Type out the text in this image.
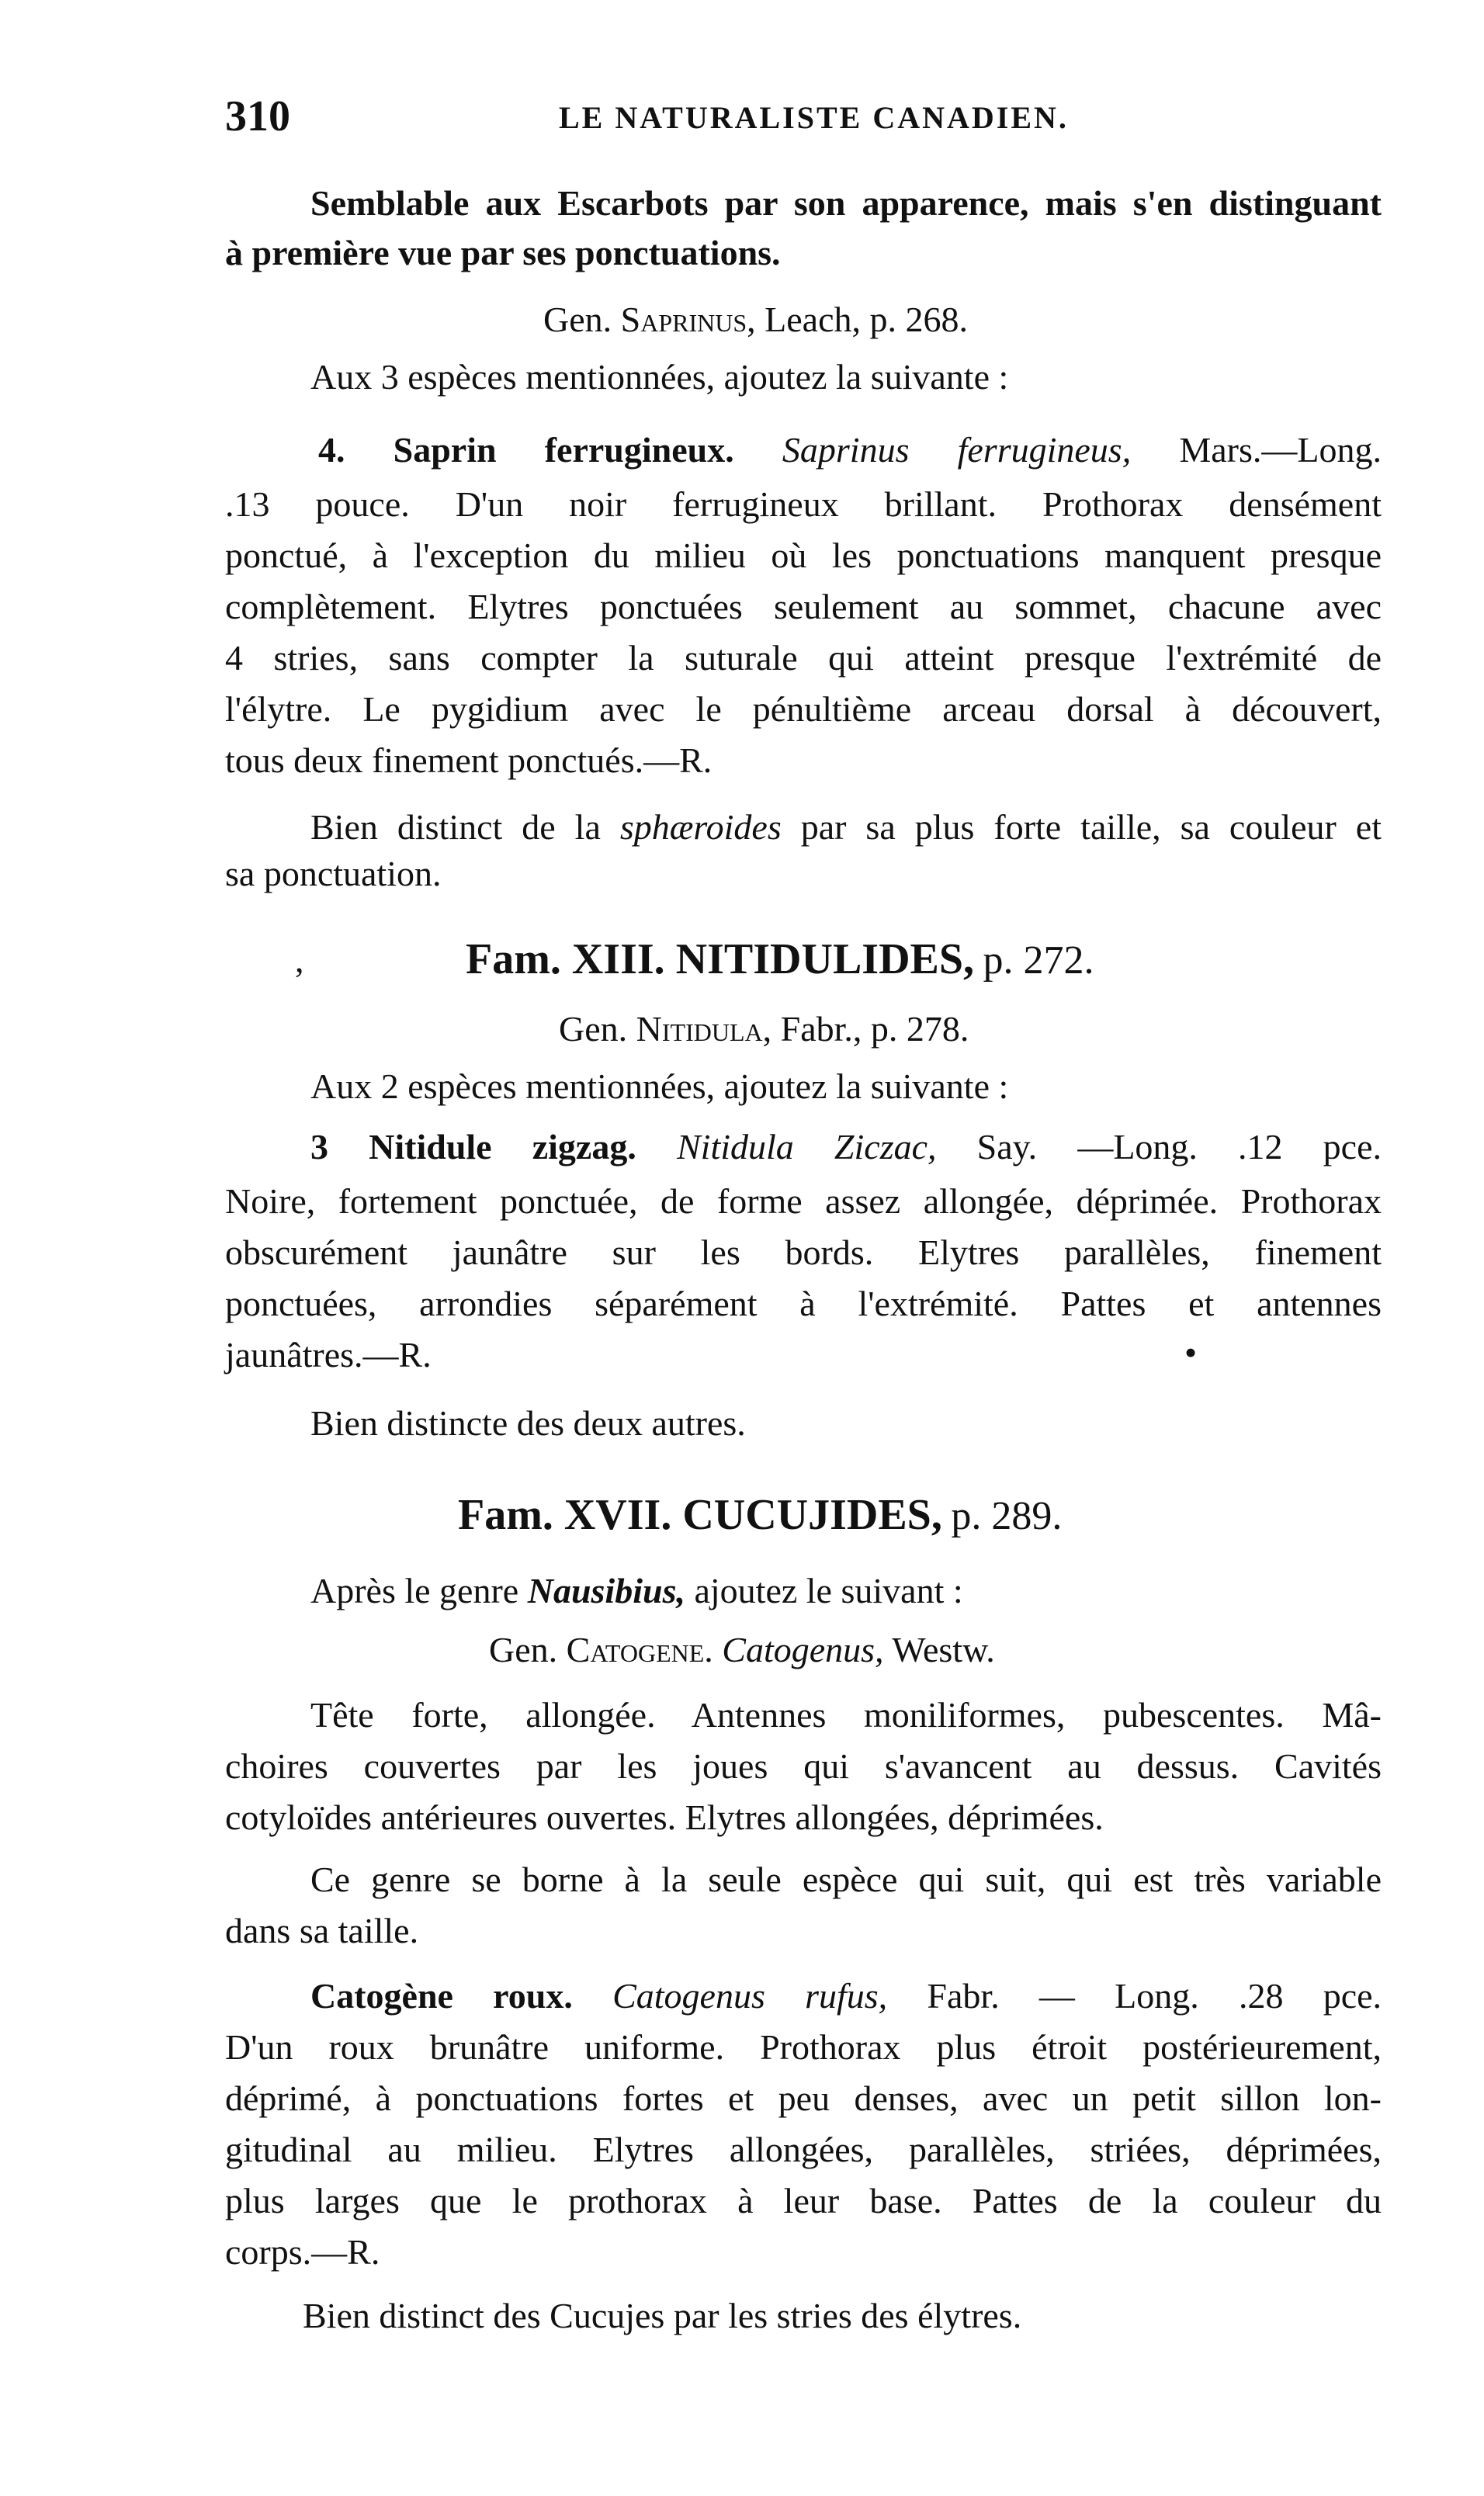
310	LE NATURALISTE CANADIEN.
Semblable aux Escarbots par son apparence, mais s'en distinguant
à première vue par ses ponctuations.
Gen. Saprinus, Leach, p. 268.
Aux 3 espèces mentionnées, ajoutez la suivante :
4. Saprin ferrugineux. Saprinus ferrugineus, Mars.—Long.
.13 pouce. D'un noir ferrugineux brillant. Prothorax densément
ponctué, à l'exception du milieu où les ponctuations manquent presque
complètement. Elytres ponctuées seulement au sommet, chacune avec
4 stries, sans compter la suturale qui atteint presque l'extrémité de
l'élytre. Le pygidium avec le pénultième arceau dorsal à découvert,
tous deux finement ponctués.—R.
Bien distinct de la sphæroides par sa plus forte taille, sa couleur et
sa ponctuation.
,	Fam. XIII. NITIDULIDES, p. 272.
Gen. Nitidula, Fabr., p. 278.
Aux 2 espèces mentionnées, ajoutez la suivante :
3 Nitidule zigzag. Nitidula Ziczac, Say. —Long. .12 pce.
Noire, fortement ponctuée, de forme assez allongée, déprimée. Prothorax
obscurément jaunâtre sur les bords. Elytres parallèles, finement
ponctuées, arrondies séparément à l'extrémité. Pattes et antennes
jaunâtres.—R.	•
Bien distincte des deux autres.
Fam. XVII. CUCUJIDES, p. 289.
Après le genre Nausibius, ajoutez le suivant :
Gen. Catogene. Catogenus, Westw.
Tête forte, allongée. Antennes moniliformes, pubescentes. Mâ-
choires couvertes par les joues qui s'avancent au dessus. Cavités
cotyloïdes antérieures ouvertes. Elytres allongées, déprimées.
Ce genre se borne à la seule espèce qui suit, qui est très variable
dans sa taille.
Catogène roux. Catogenus rufus, Fabr. — Long. .28 pce.
D'un roux brunâtre uniforme. Prothorax plus étroit postérieurement,
déprimé, à ponctuations fortes et peu denses, avec un petit sillon lon-
gitudinal au milieu. Elytres allongées, parallèles, striées, déprimées,
plus larges que le prothorax à leur base. Pattes de la couleur du
corps.—R.
Bien distinct des Cucujes par les stries des élytres.
